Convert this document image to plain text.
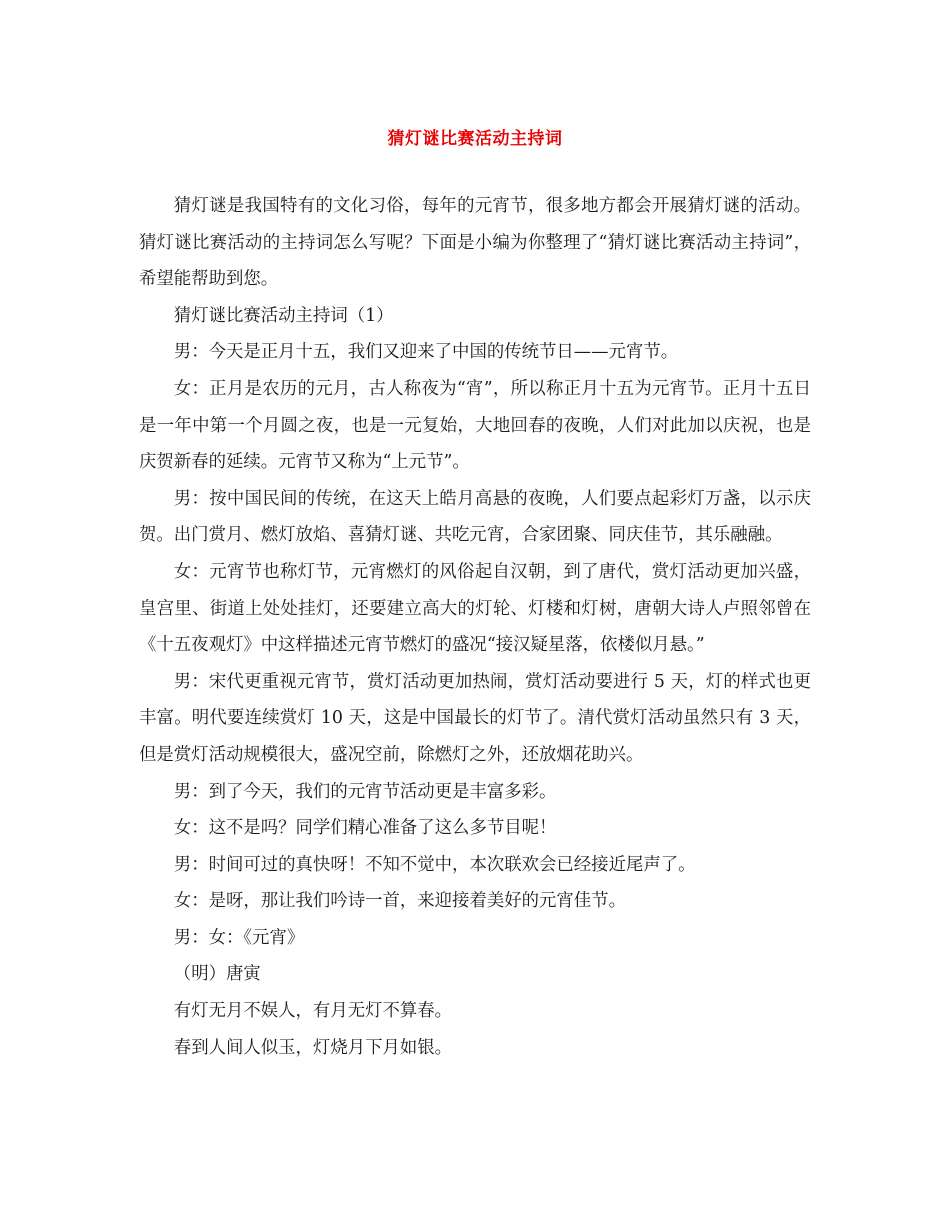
猜灯谜比赛活动主持词

猜灯谜是我国特有的文化习俗，每年的元宵节，很多地方都会开展猜灯谜的活动。猜灯谜比赛活动的主持词怎么写呢？下面是小编为你整理了“猜灯谜比赛活动主持词”，希望能帮助到您。

猜灯谜比赛活动主持词（1）

男：今天是正月十五，我们又迎来了中国的传统节日——元宵节。

女：正月是农历的元月，古人称夜为“宵”，所以称正月十五为元宵节。正月十五日是一年中第一个月圆之夜，也是一元复始，大地回春的夜晚，人们对此加以庆祝，也是庆贺新春的延续。元宵节又称为“上元节”。

男：按中国民间的传统，在这天上皓月高悬的夜晚，人们要点起彩灯万盏，以示庆贺。出门赏月、燃灯放焰、喜猜灯谜、共吃元宵，合家团聚、同庆佳节，其乐融融。

女：元宵节也称灯节，元宵燃灯的风俗起自汉朝，到了唐代，赏灯活动更加兴盛，皇宫里、街道上处处挂灯，还要建立高大的灯轮、灯楼和灯树，唐朝大诗人卢照邻曾在《十五夜观灯》中这样描述元宵节燃灯的盛况“接汉疑星落，依楼似月悬。”

男：宋代更重视元宵节，赏灯活动更加热闹，赏灯活动要进行 5 天，灯的样式也更丰富。明代要连续赏灯 10 天，这是中国最长的灯节了。清代赏灯活动虽然只有 3 天，但是赏灯活动规模很大，盛况空前，除燃灯之外，还放烟花助兴。

男：到了今天，我们的元宵节活动更是丰富多彩。

女：这不是吗？同学们精心准备了这么多节目呢！

男：时间可过的真快呀！不知不觉中，本次联欢会已经接近尾声了。

女：是呀，那让我们吟诗一首，来迎接着美好的元宵佳节。

男：女：《元宵》

（明）唐寅

有灯无月不娱人，有月无灯不算春。

春到人间人似玉，灯烧月下月如银。
